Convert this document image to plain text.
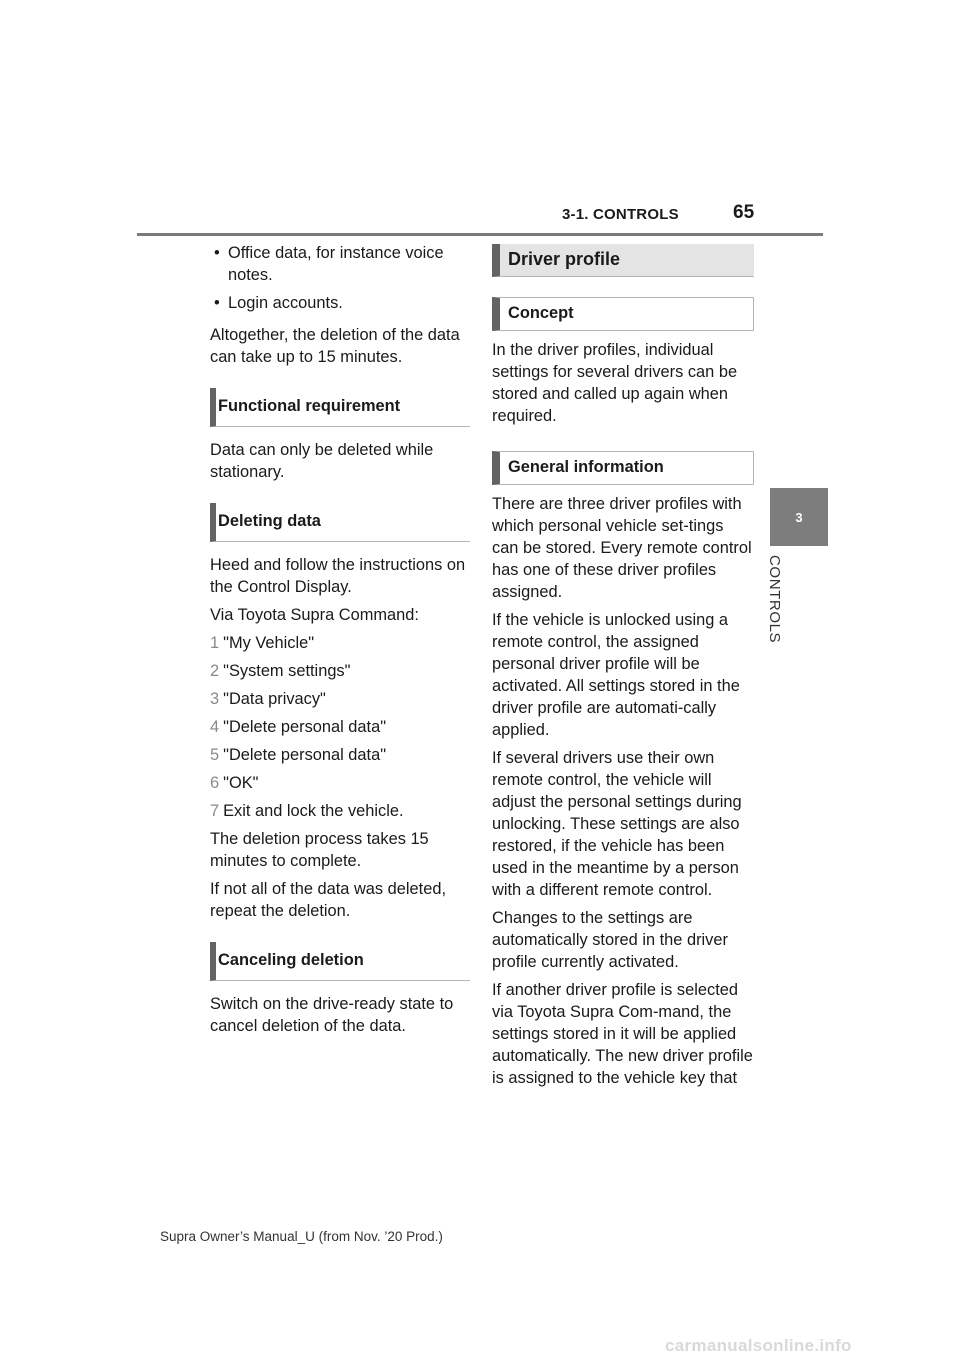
3-1. CONTROLS	65
3
CONTROLS

• Office data, for instance voice notes.

• Login accounts.

Altogether, the deletion of the data can take up to 15 minutes.

Functional requirement

Data can only be deleted while stationary.

Deleting data

Heed and follow the instructions on the Control Display.

Via Toyota Supra Command:

1 "My Vehicle"

2 "System settings"

3 "Data privacy"

4 "Delete personal data"

5 "Delete personal data"

6 "OK"

7 Exit and lock the vehicle.

The deletion process takes 15 minutes to complete.

If not all of the data was deleted, repeat the deletion.

Canceling deletion

Switch on the drive-ready state to cancel deletion of the data.

Driver profile
Concept

In the driver profiles, individual settings for several drivers can be stored and called up again when required.

General information

There are three driver profiles with which personal vehicle set-tings can be stored. Every remote control has one of these driver profiles assigned.

If the vehicle is unlocked using a remote control, the assigned personal driver profile will be activated. All settings stored in the driver profile are automati-cally applied.

If several drivers use their own remote control, the vehicle will adjust the personal settings during unlocking. These settings are also restored, if the vehicle has been used in the meantime by a person with a different remote control.

Changes to the settings are automatically stored in the driver profile currently activated.

If another driver profile is selected via Toyota Supra Com-mand, the settings stored in it will be applied automatically. The new driver profile is assigned to the vehicle key that

Supra Owner’s Manual_U (from Nov. ’20 Prod.)
carmanualsonline.info
